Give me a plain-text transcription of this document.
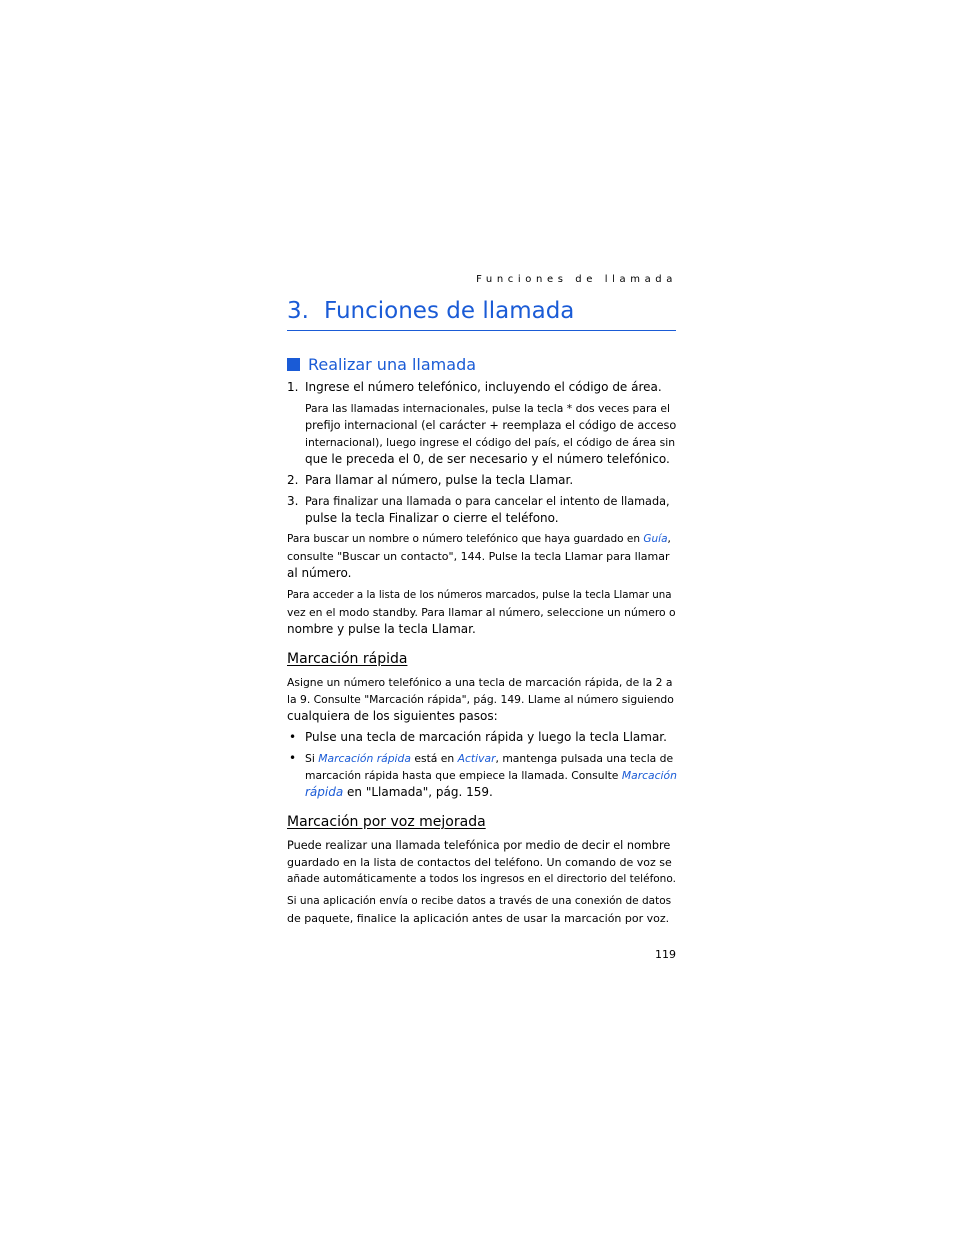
Funciones de llamada
3. Funciones de llamada
Realizar una llamada
1. Ingrese el número telefónico, incluyendo el código de área.
Para las llamadas internacionales, pulse la tecla * dos veces para el
prefijo internacional (el carácter + reemplaza el código de acceso
internacional), luego ingrese el código del país, el código de área sin
que le preceda el 0, de ser necesario y el número telefónico.
2. Para llamar al número, pulse la tecla Llamar.
3. Para finalizar una llamada o para cancelar el intento de llamada,
pulse la tecla Finalizar o cierre el teléfono.
Para buscar un nombre o número telefónico que haya guardado en Guía,
consulte "Buscar un contacto", 144. Pulse la tecla Llamar para llamar
al número.
Para acceder a la lista de los números marcados, pulse la tecla Llamar una
vez en el modo standby. Para llamar al número, seleccione un número o
nombre y pulse la tecla Llamar.
Marcación rápida
Asigne un número telefónico a una tecla de marcación rápida, de la 2 a
la 9. Consulte "Marcación rápida", pág. 149. Llame al número siguiendo
cualquiera de los siguientes pasos:
• Pulse una tecla de marcación rápida y luego la tecla Llamar.
• Si Marcación rápida está en Activar, mantenga pulsada una tecla de
marcación rápida hasta que empiece la llamada. Consulte Marcación
rápida en "Llamada", pág. 159.
Marcación por voz mejorada
Puede realizar una llamada telefónica por medio de decir el nombre
guardado en la lista de contactos del teléfono. Un comando de voz se
añade automáticamente a todos los ingresos en el directorio del teléfono.
Si una aplicación envía o recibe datos a través de una conexión de datos
de paquete, finalice la aplicación antes de usar la marcación por voz.
119
